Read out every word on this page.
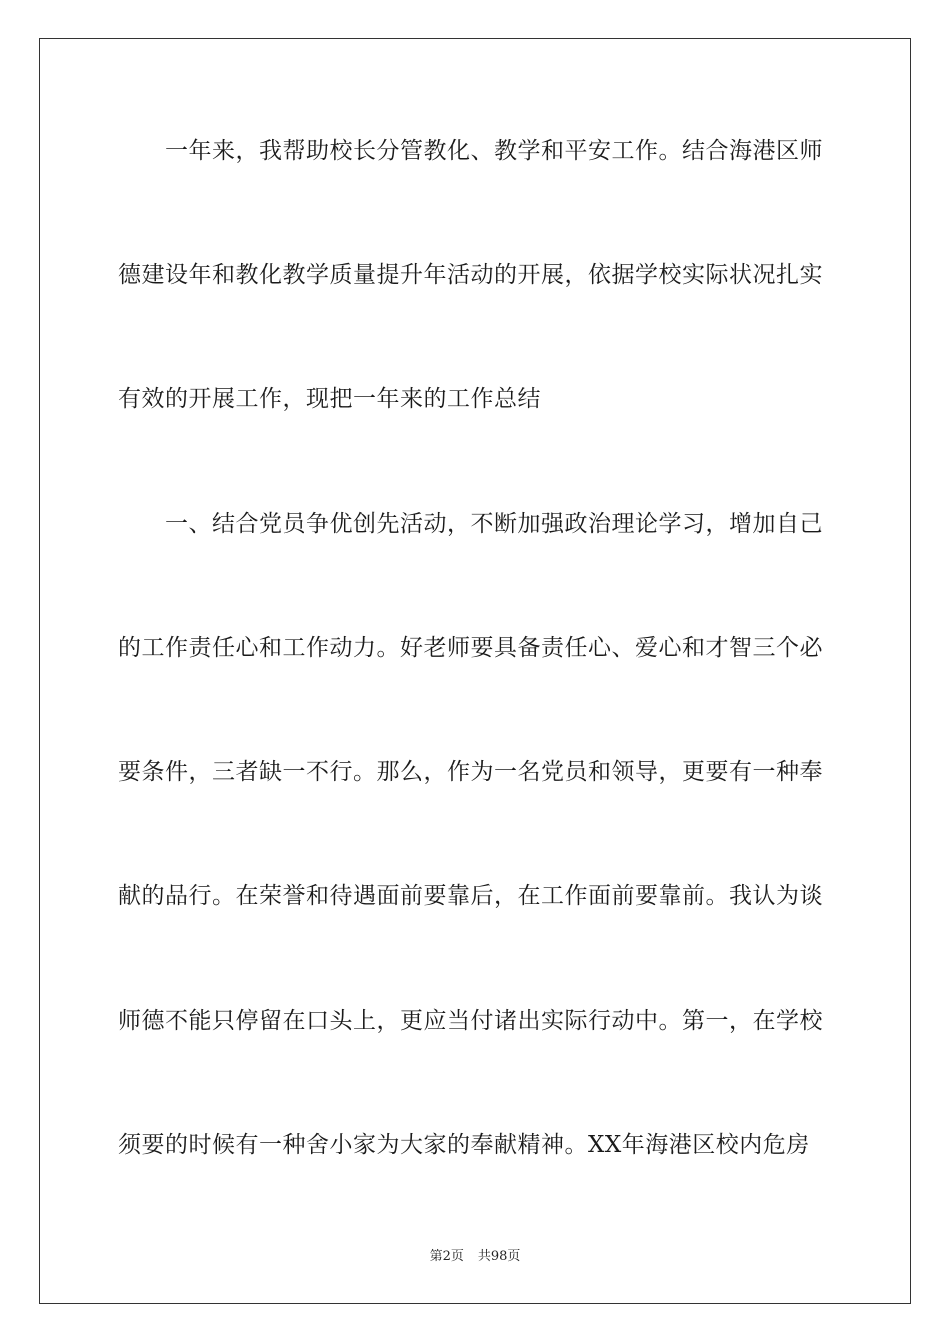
　　一年来，我帮助校长分管教化、教学和平安工作。结合海港区师
德建设年和教化教学质量提升年活动的开展，依据学校实际状况扎实
有效的开展工作，现把一年来的工作总结
　　一、结合党员争优创先活动，不断加强政治理论学习，增加自己
的工作责任心和工作动力。好老师要具备责任心、爱心和才智三个必
要条件，三者缺一不行。那么，作为一名党员和领导，更要有一种奉
献的品行。在荣誉和待遇面前要靠后，在工作面前要靠前。我认为谈
师德不能只停留在口头上，更应当付诸出实际行动中。第一，在学校
须要的时候有一种舍小家为大家的奉献精神。XX年海港区校内危房
第2页 共98页
